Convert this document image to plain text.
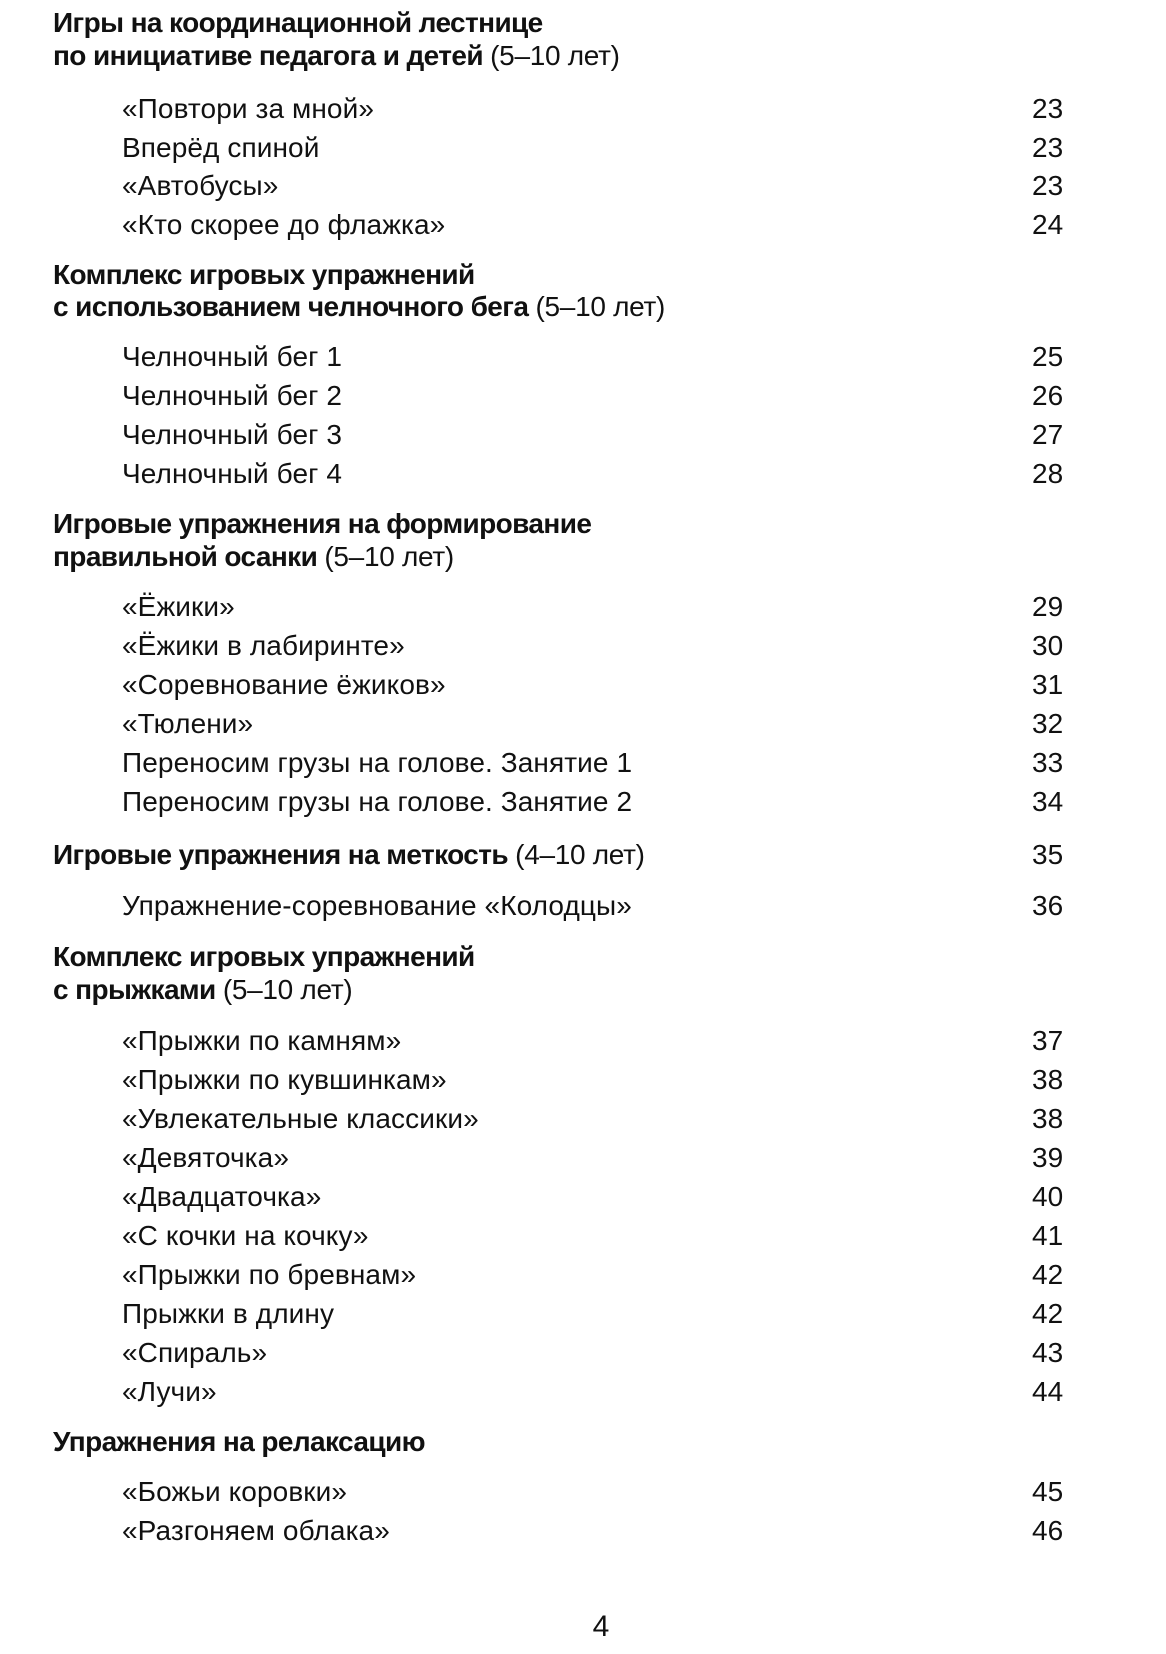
Игры на координационной лестнице
по инициативе педагога и детей (5–10 лет)
«Повтори за мной»	23
Вперёд спиной	23
«Автобусы»	23
«Кто скорее до флажка»	24
Комплекс игровых упражнений
с использованием челночного бега (5–10 лет)
Челночный бег 1	25
Челночный бег 2	26
Челночный бег 3	27
Челночный бег 4	28
Игровые упражнения на формирование
правильной осанки (5–10 лет)
«Ёжики»	29
«Ёжики в лабиринте»	30
«Соревнование ёжиков»	31
«Тюлени»	32
Переносим грузы на голове. Занятие 1	33
Переносим грузы на голове. Занятие 2	34
Игровые упражнения на меткость (4–10 лет)	35
Упражнение-соревнование «Колодцы»	36
Комплекс игровых упражнений
с прыжками (5–10 лет)
«Прыжки по камням»	37
«Прыжки по кувшинкам»	38
«Увлекательные классики»	38
«Девяточка»	39
«Двадцаточка»	40
«С кочки на кочку»	41
«Прыжки по бревнам»	42
Прыжки в длину	42
«Спираль»	43
«Лучи»	44
Упражнения на релаксацию
«Божьи коровки»	45
«Разгоняем облака»	46
4
